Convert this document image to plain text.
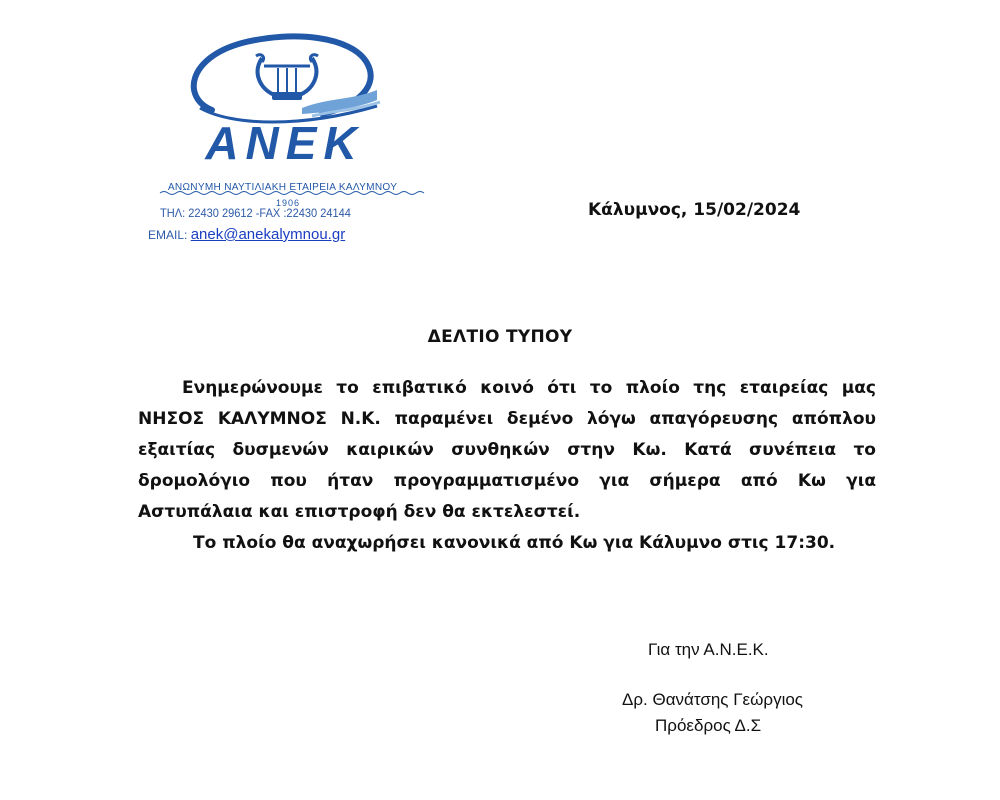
ΑΝΕΚ
ΑΝΩΝΥΜΗ ΝΑΥΤΙΛΙΑΚΗ ΕΤΑΙΡΕΙΑ ΚΑΛΥΜΝΟΥ
1906
ΤΗΛ: 22430 29612 -FAX :22430 24144
EMAIL: anek@anekalymnou.gr
Κάλυμνος, 15/02/2024
ΔΕΛΤΙΟ ΤΥΠΟΥ

Ενημερώνουμε το επιβατικό κοινό ότι το πλοίο της εταιρείας μας ΝΗΣΟΣ ΚΑΛΥΜΝΟΣ Ν.Κ. παραμένει δεμένο λόγω απαγόρευσης απόπλου εξαιτίας δυσμενών καιρικών συνθηκών στην Κω. Κατά συνέπεια το δρομολόγιο που ήταν προγραμματισμένο για σήμερα από Κω για Αστυπάλαια και επιστροφή δεν θα εκτελεστεί.

Το πλοίο θα αναχωρήσει κανονικά από Κω για Κάλυμνο στις 17:30.

Για την Α.Ν.Ε.Κ.
Δρ. Θανάτσης Γεώργιος
Πρόεδρος Δ.Σ
